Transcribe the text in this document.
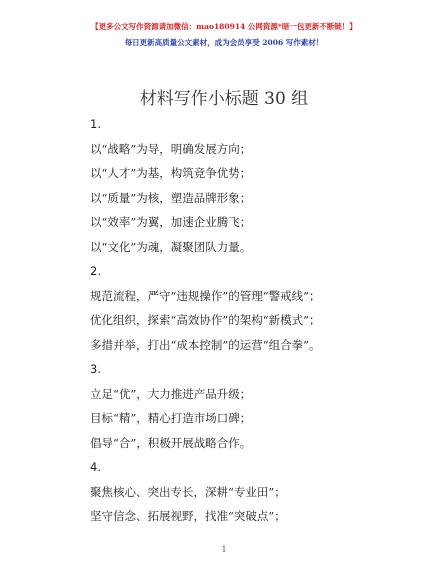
【更多公文写作资源请加微信：mao180914 公网资源*暗一包更新不断链！】
每日更新高质量公文素材，成为会员享受 2006 写作素材！
材料写作小标题 30 组
1.
以“战略”为导，明确发展方向；
以“人才”为基，构筑竞争优势；
以“质量”为核，塑造品牌形象；
以“效率”为翼，加速企业腾飞；
以“文化”为魂，凝聚团队力量。
2.
规范流程，严守“违规操作”的管理“警戒线”；
优化组织，探索“高效协作”的架构“新模式”；
多措并举，打出“成本控制”的运营“组合拳”。
3.
立足“优”，大力推进产品升级；
目标“精”，精心打造市场口碑；
倡导“合”，积极开展战略合作。
4.
聚焦核心、突出专长，深耕“专业田”；
坚守信念、拓展视野，找准“突破点”；
1
